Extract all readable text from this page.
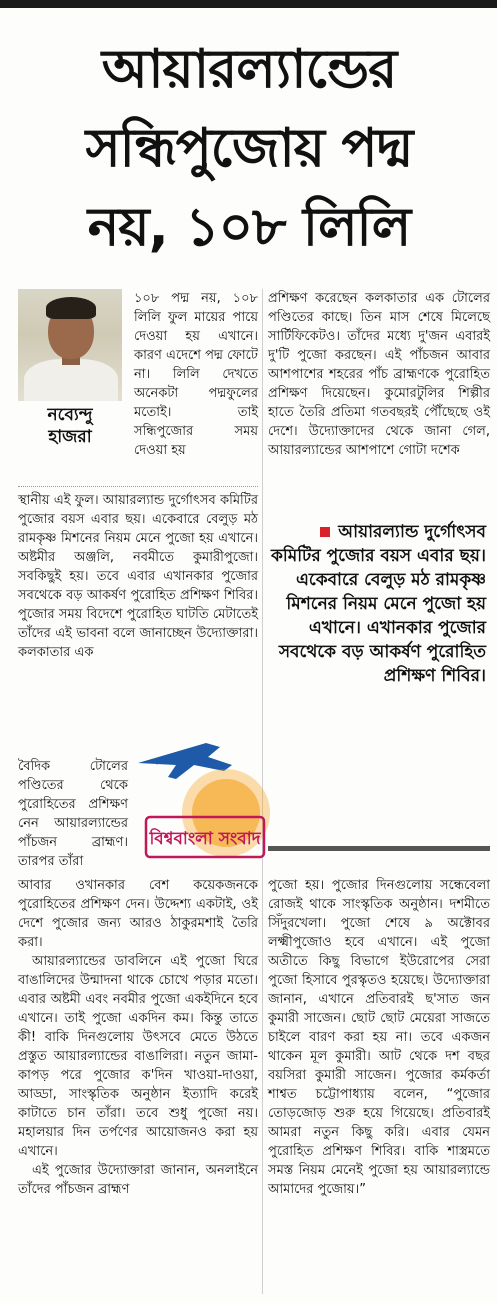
আয়ারল্যান্ডের
সন্ধিপুজোয় পদ্ম
নয়, ১০৮ লিলি
নব্যেন্দু
হাজরা

১০৮ পদ্ম নয়, ১০৮ লিলি ফুল মায়ের পায়ে দেওয়া হয় এখানে। কারণ এদেশে পদ্ম ফোটে না। লিলি দেখতে অনেকটা পদ্মফুলের মতোই। তাই সন্ধিপুজোর সময় দেওয়া হয়

স্থানীয় এই ফুল। আয়ারল্যান্ড দুর্গোৎসব কমিটির পুজোর বয়স এবার ছয়। একেবারে বেলুড় মঠ রামকৃষ্ণ মিশনের নিয়ম মেনে পুজো হয় এখানে। অষ্টমীর অঞ্জলি, নবমীতে কুমারীপুজো। সবকিছুই হয়। তবে এবার এখানকার পুজোর সবথেকে বড় আকর্ষণ পুরোহিত প্রশিক্ষণ শিবির। পুজোর সময় বিদেশে পুরোহিত ঘাটতি মেটাতেই তাঁদের এই ভাবনা বলে জানাচ্ছেন উদ্যোক্তারা। কলকাতার এক

বৈদিক টোলের পণ্ডিতের থেকে পুরোহিতের প্রশিক্ষণ নেন আয়ারল্যান্ডের পাঁচজন ব্রাহ্মণ। তারপর তাঁরা

বিশ্ববাংলা সংবাদ

আবার ওখানকার বেশ কয়েকজনকে পুরোহিতের প্রশিক্ষণ দেন। উদ্দেশ্য একটাই, ওই দেশে পুজোর জন্য আরও ঠাকুরমশাই তৈরি করা।

আয়ারল্যান্ডের ডাবলিনে এই পুজো ঘিরে বাঙালিদের উন্মাদনা থাকে চোখে পড়ার মতো। এবার অষ্টমী এবং নবমীর পুজো একইদিনে হবে এখানে। তাই পুজো একদিন কম। কিন্তু তাতে কী! বাকি দিনগুলোয় উৎসবে মেতে উঠতে প্রস্তুত আয়ারল্যান্ডের বাঙালিরা। নতুন জামা-কাপড় পরে পুজোর ক'দিন খাওয়া-দাওয়া, আড্ডা, সাংস্কৃতিক অনুষ্ঠান ইত্যাদি করেই কাটাতে চান তাঁরা। তবে শুধু পুজো নয়। মহালয়ার দিন তর্পণের আয়োজনও করা হয় এখানে।

এই পুজোর উদ্যোক্তারা জানান, অনলাইনে তাঁদের পাঁচজন ব্রাহ্মণ

প্রশিক্ষণ করেছেন কলকাতার এক টোলের পণ্ডিতের কাছে। তিন মাস শেষে মিলেছে সার্টিফিকেটও। তাঁদের মধ্যে দু'জন এবারই দু'টি পুজো করছেন। এই পাঁচজন আবার আশপাশের শহরের পাঁচ ব্রাহ্মণকে পুরোহিত প্রশিক্ষণ দিয়েছেন। কুমোরটুলির শিল্পীর হাতে তৈরি প্রতিমা গতবছরই পৌঁছেছে ওই দেশে। উদ্যোক্তাদের থেকে জানা গেল, আয়ারল্যান্ডের আশপাশে গোটা দশেক

আয়ারল্যান্ড দুর্গোৎসব কমিটির পুজোর বয়স এবার ছয়। একেবারে বেলুড় মঠ রামকৃষ্ণ মিশনের নিয়ম মেনে পুজো হয় এখানে। এখানকার পুজোর সবথেকে বড় আকর্ষণ পুরোহিত প্রশিক্ষণ শিবির।

পুজো হয়। পুজোর দিনগুলোয় সন্ধেবেলা রোজই থাকে সাংস্কৃতিক অনুষ্ঠান। দশমীতে সিঁদুরখেলা। পুজো শেষে ৯ অক্টোবর লক্ষ্মীপুজোও হবে এখানে। এই পুজো অতীতে কিছু বিভাগে ইউরোপের সেরা পুজো হিসাবে পুরস্কৃতও হয়েছে। উদ্যোক্তারা জানান, এখানে প্রতিবারই ছ'সাত জন কুমারী সাজেন। ছোট ছোট মেয়েরা সাজতে চাইলে বারণ করা হয় না। তবে একজন থাকেন মূল কুমারী। আট থেকে দশ বছর বয়সিরা কুমারী সাজেন। পুজোর কর্মকর্তা শাশ্বত চট্টোপাধ্যায় বলেন, “পুজোর তোড়জোড় শুরু হয়ে গিয়েছে। প্রতিবারই আমরা নতুন কিছু করি। এবার যেমন পুরোহিত প্রশিক্ষণ শিবির। বাকি শাস্ত্রমতে সমস্ত নিয়ম মেনেই পুজো হয় আয়ারল্যান্ডে আমাদের পুজোয়।”
